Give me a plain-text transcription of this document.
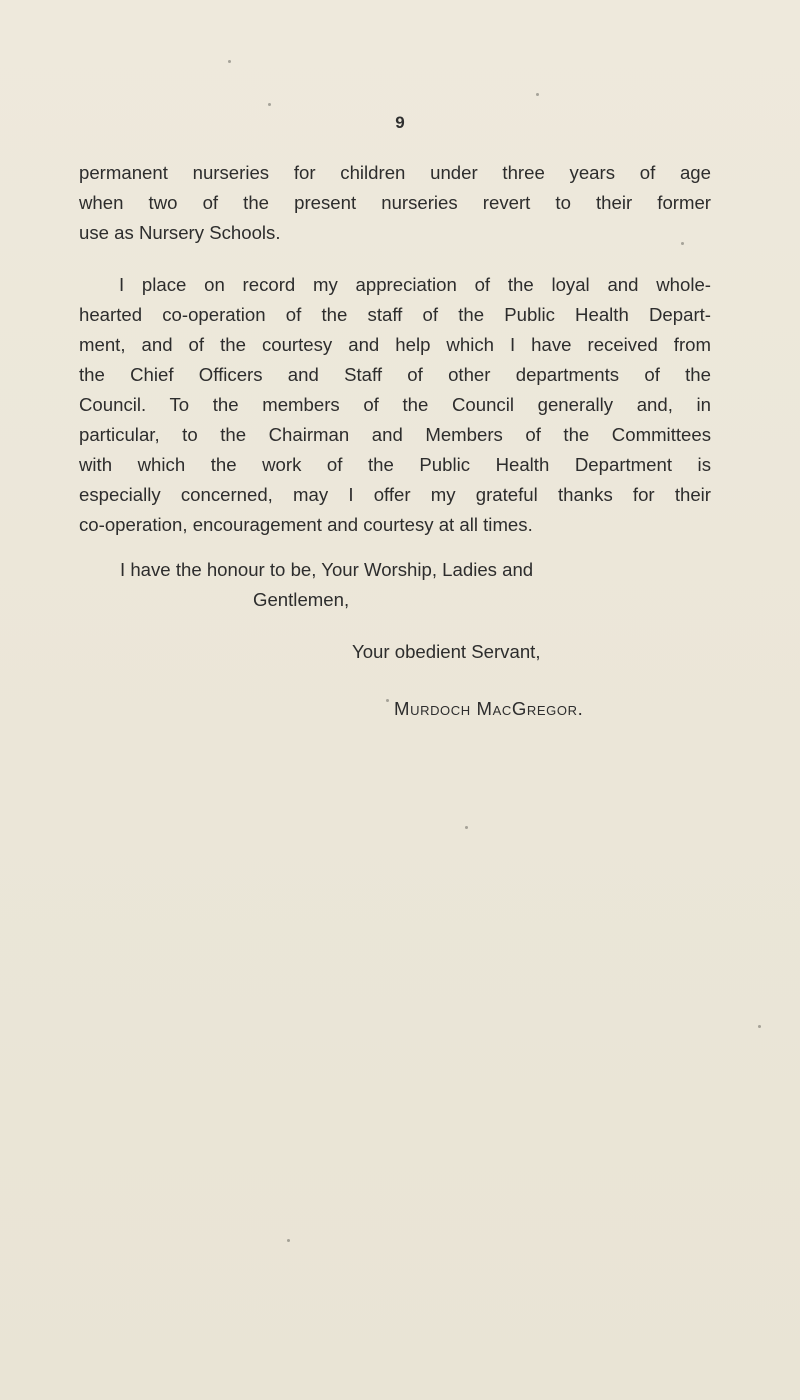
9
permanent nurseries for children under three years of age
when two of the present nurseries revert to their former
use as Nursery Schools.
I place on record my appreciation of the loyal and whole-
hearted co-operation of the staff of the Public Health Depart-
ment, and of the courtesy and help which I have received from
the Chief Officers and Staff of other departments of the
Council. To the members of the Council generally and, in
particular, to the Chairman and Members of the Committees
with which the work of the Public Health Department is
especially concerned, may I offer my grateful thanks for their
co-operation, encouragement and courtesy at all times.
I have the honour to be, Your Worship, Ladies and
Gentlemen,
Your obedient Servant,
Murdoch MacGregor.
